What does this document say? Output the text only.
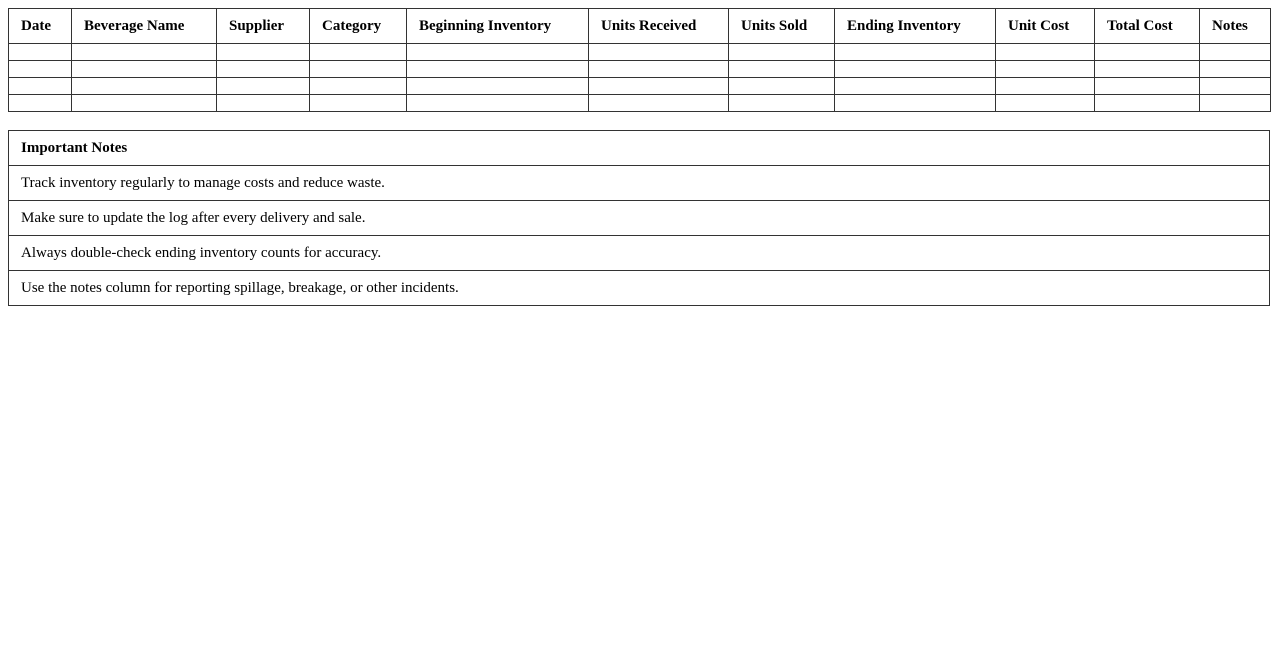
Date	Beverage Name	Supplier	Category	Beginning Inventory	Units Received	Units Sold	Ending Inventory	Unit Cost	Total Cost	Notes

Important Notes
Track inventory regularly to manage costs and reduce waste.
Make sure to update the log after every delivery and sale.
Always double-check ending inventory counts for accuracy.
Use the notes column for reporting spillage, breakage, or other incidents.
